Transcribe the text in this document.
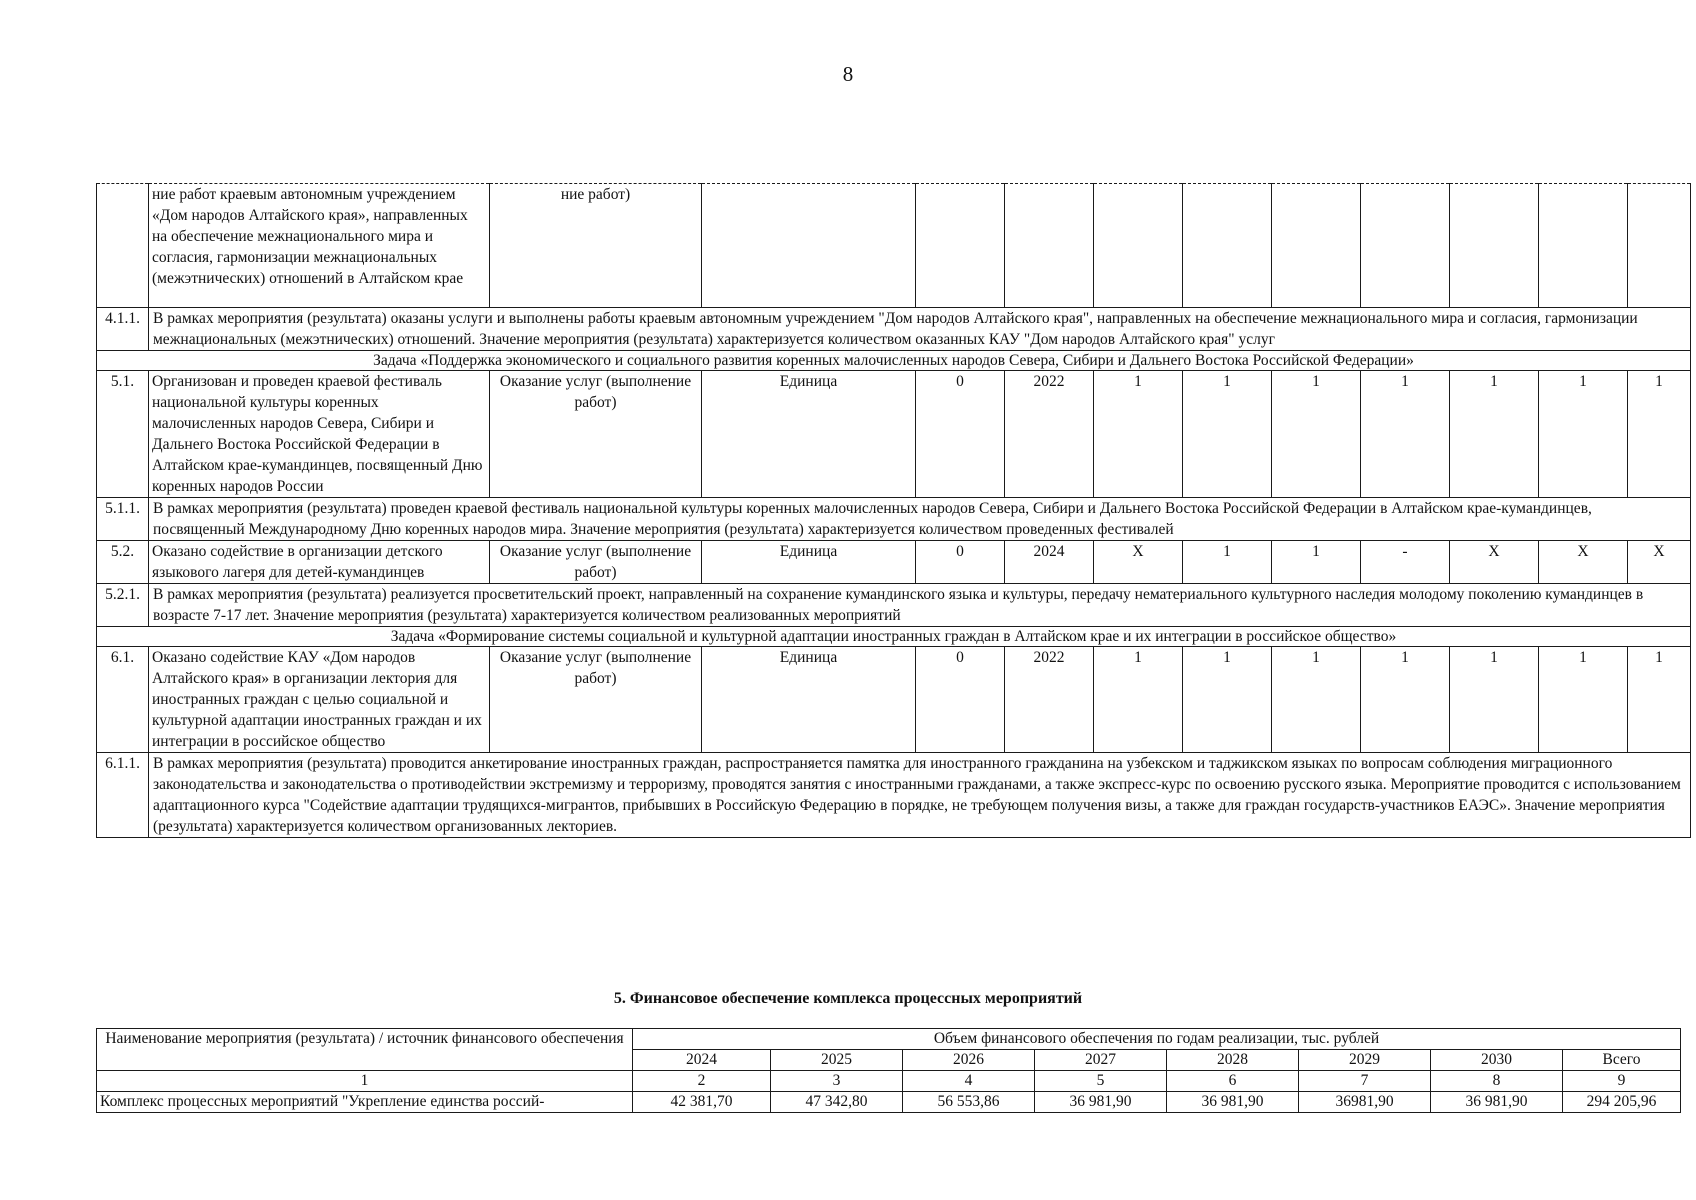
8
	ние работ краевым автономным учреждением «Дом народов Алтайского края», направленных на обеспечение межнационального мира и согласия, гармонизации межнациональных (межэтнических) отношений в Алтайском крае	ние работ)										
4.1.1.	В рамках мероприятия (результата) оказаны услуги и выполнены работы краевым автономным учреждением "Дом народов Алтайского края", направленных на обеспечение межнационального мира и согласия, гармонизации межнациональных (межэтнических) отношений. Значение мероприятия (результата) характеризуется количеством оказанных КАУ "Дом народов Алтайского края" услуг											
Задача «Поддержка экономического и социального развития коренных малочисленных народов Севера, Сибири и Дальнего Востока Российской Федерации»												
5.1.	Организован и проведен краевой фестиваль национальной культуры коренных малочисленных народов Севера, Сибири и Дальнего Востока Российской Федерации в Алтайском крае-кумандинцев, посвященный Дню коренных народов России	Оказание услуг (выполнение работ)	Единица	0	2022	1	1	1	1	1	1	1
5.1.1.	В рамках мероприятия (результата) проведен краевой фестиваль национальной культуры коренных малочисленных народов Севера, Сибири и Дальнего Востока Российской Федерации в Алтайском крае-кумандинцев, посвященный Международному Дню коренных народов мира. Значение мероприятия (результата) характеризуется количеством проведенных фестивалей											
5.2.	Оказано содействие в организации детского языкового лагеря для детей-кумандинцев	Оказание услуг (выполнение работ)	Единица	0	2024	X	1	1	-	X	X	X
5.2.1.	В рамках мероприятия (результата) реализуется просветительский проект, направленный на сохранение кумандинского языка и культуры, передачу нематериального культурного наследия молодому поколению кумандинцев в возрасте 7-17 лет. Значение мероприятия (результата) характеризуется количеством реализованных мероприятий											
Задача «Формирование системы социальной и культурной адаптации иностранных граждан в Алтайском крае и их интеграции в российское общество»												
6.1.	Оказано содействие КАУ «Дом народов Алтайского края» в организации лектория для иностранных граждан с целью социальной и культурной адаптации иностранных граждан и их интеграции в российское общество	Оказание услуг (выполнение работ)	Единица	0	2022	1	1	1	1	1	1	1
6.1.1.	В рамках мероприятия (результата) проводится анкетирование иностранных граждан, распространяется памятка для иностранного гражданина на узбекском и таджикском языках по вопросам соблюдения миграционного законодательства и законодательства о противодействии экстремизму и терроризму, проводятся занятия с иностранными гражданами, а также экспресс-курс по освоению русского языка. Мероприятие проводится с использованием адаптационного курса "Содействие адаптации трудящихся-мигрантов, прибывших в Российскую Федерацию в порядке, не требующем получения визы, а также для граждан государств-участников ЕАЭС». Значение мероприятия (результата) характеризуется количеством организованных лекториев.											
5. Финансовое обеспечение комплекса процессных мероприятий
Наименование мероприятия (результата) / источник финансового обеспечения	Объем финансового обеспечения по годам реализации, тыс. рублей							
	2024	2025	2026	2027	2028	2029	2030	Всего
1	2	3	4	5	6	7	8	9
Комплекс процессных мероприятий "Укрепление единства россий-	42 381,70	47 342,80	56 553,86	36 981,90	36 981,90	36981,90	36 981,90	294 205,96
